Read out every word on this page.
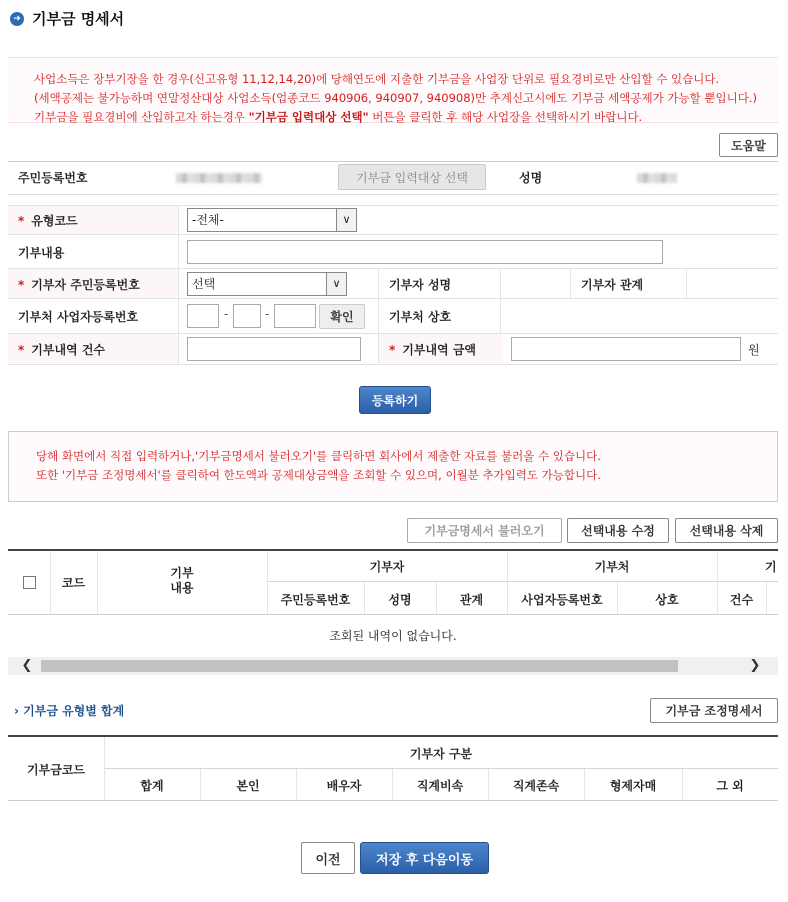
➜ 기부금 명세서
사업소득은 장부기장을 한 경우(신고유형 11,12,14,20)에 당해연도에 지출한 기부금을 사업장 단위로 필요경비로만 산입할 수 있습니다.
(세액공제는 불가능하며 연말정산대상 사업소득(업종코드 940906, 940907, 940908)만 추계신고시에도 기부금 세액공제가 가능할 뿐입니다.)
기부금을 필요경비에 산입하고자 하는경우 "기부금 입력대상 선택" 버튼을 클릭한 후 해당 사업장을 선택하시기 바랍니다.
도움말
주민등록번호	기부금 입력대상 선택	성명
* 유형코드	-전체-	∨
기부내용
* 기부자 주민등록번호	선택	∨	기부자 성명	기부자 관계
기부처 사업자등록번호	-	-	확인	기부처 상호
* 기부내역 건수	* 기부내역 금액	원
등록하기
당해 화면에서 직접 입력하거나,'기부금명세서 불러오기'를 클릭하면 회사에서 제출한 자료를 불러올 수 있습니다.
또한 '기부금 조정명세서'를 클릭하여 한도액과 공제대상금액을 조회할 수 있으며, 이월분 추가입력도 가능합니다.
기부금명세서 불러오기	선택내용 수정	선택내용 삭제
코드
기부
내용
기부자	기부처	기
주민등록번호	성명	관계	사업자등록번호	상호	건수
조회된 내역이 없습니다.
❮	❯
› 기부금 유형별 합계	기부금 조정명세서
기부금코드
기부자 구분
합계	본인	배우자	직계비속	직계존속	형제자매	그 외
이전	저장 후 다음이동
